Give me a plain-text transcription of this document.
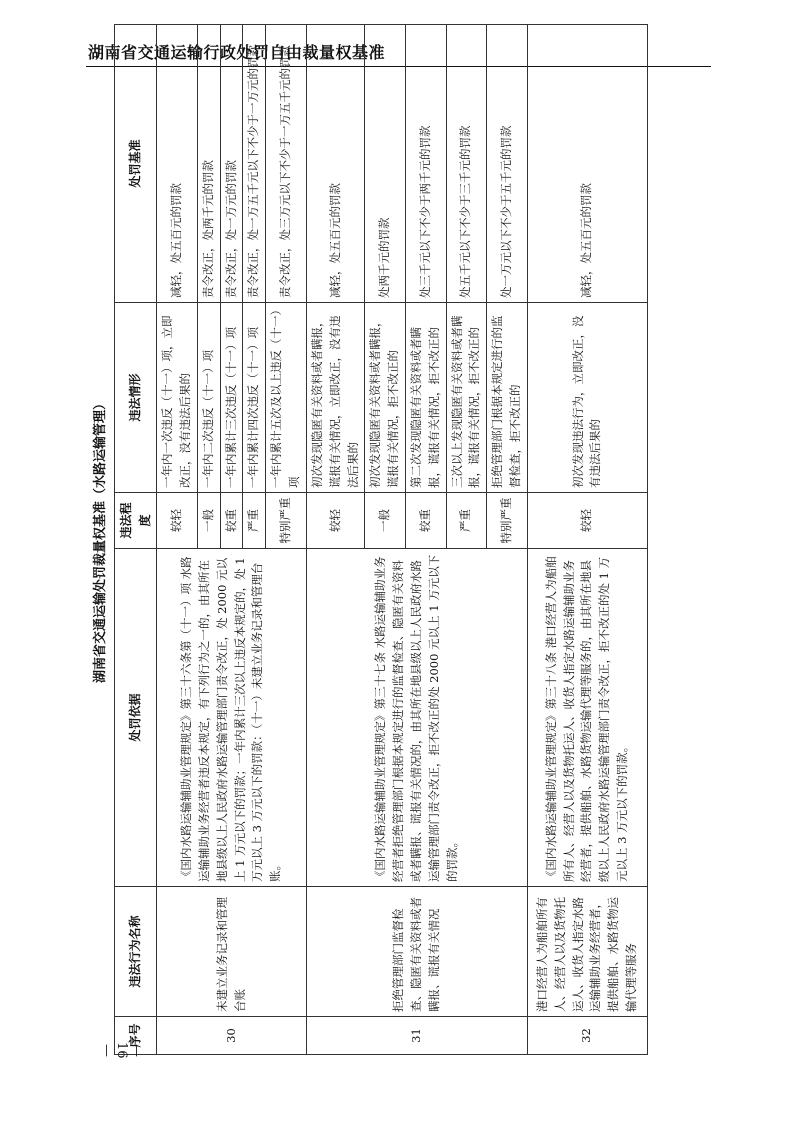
湖南省交通运输行政处罚自由裁量权基准
湖南省交通运输处罚裁量权基准（水路运输管理）
序号	违法行为名称	处罚依据	违法程度	违法情形	处罚基准
30	未建立业务记录和管理台账	《国内水路运输辅助业管理规定》第三十六条第（十一）项 水路运输辅助业务经营者违反本规定，有下列行为之一的，由其所在地县级以上人民政府水路运输管理部门责令改正，处 2000 元以上 1 万元以下的罚款；一年内累计三次以上违反本规定的，处 1 万元以上 3 万元以下的罚款：（十一）未建立业务记录和管理台账。	较轻	一年内一次违反（十一）项，立即改正，没有违法后果的	减轻，处五百元的罚款
			一般	一年内二次违反（十一）项	责令改正，处两千元的罚款
			较重	一年内累计三次违反（十一）项	责令改正，处一万元的罚款
			严重	一年内累计四次违反（十一）项	责令改正，处一万五千元以下不少于一万元的罚款
			特别严重	一年内累计五次及以上违反（十一）项	责令改正，处三万元以下不少于一万五千元的罚款
31	拒绝管理部门监督检查、隐匿有关资料或者瞒报、谎报有关情况	《国内水路运输辅助业管理规定》第三十七条 水路运输辅助业务经营者拒绝管理部门根据本规定进行的监督检查、隐匿有关资料或者瞒报、谎报有关情况的，由其所在地县级以上人民政府水路运输管理部门责令改正，拒不改正的处 2000 元以上 1 万元以下的罚款。	较轻	初次发现隐匿有关资料或者瞒报，谎报有关情况，立即改正，没有违法后果的	减轻，处五百元的罚款
			一般	初次发现隐匿有关资料或者瞒报，谎报有关情况，拒不改正的	处两千元的罚款
			较重	第二次发现隐匿有关资料或者瞒报，谎报有关情况，拒不改正的	处三千元以下不少于两千元的罚款
			严重	三次以上发现隐匿有关资料或者瞒报，谎报有关情况，拒不改正的	处五千元以下不少于三千元的罚款
			特别严重	拒绝管理部门根据本规定进行的监督检查，拒不改正的	处一万元以下不少于五千元的罚款
32	港口经营人为船舶所有人、经营人以及货物托运人、收货人指定水路运输辅助业务经营者，提供船舶、水路货物运输代理等服务	《国内水路运输辅助业管理规定》第三十八条 港口经营人为船舶所有人、经营人以及货物托运人、收货人指定水路运输辅助业务经营者，提供船舶、水路货物运输代理等服务的，由其所在地县级以上人民政府水路运输管理部门责令改正，拒不改正的处 1 万元以上 3 万元以下的罚款。	较轻	初次发现违法行为，立即改正，没有违法后果的	减轻，处五百元的罚款
—16—
